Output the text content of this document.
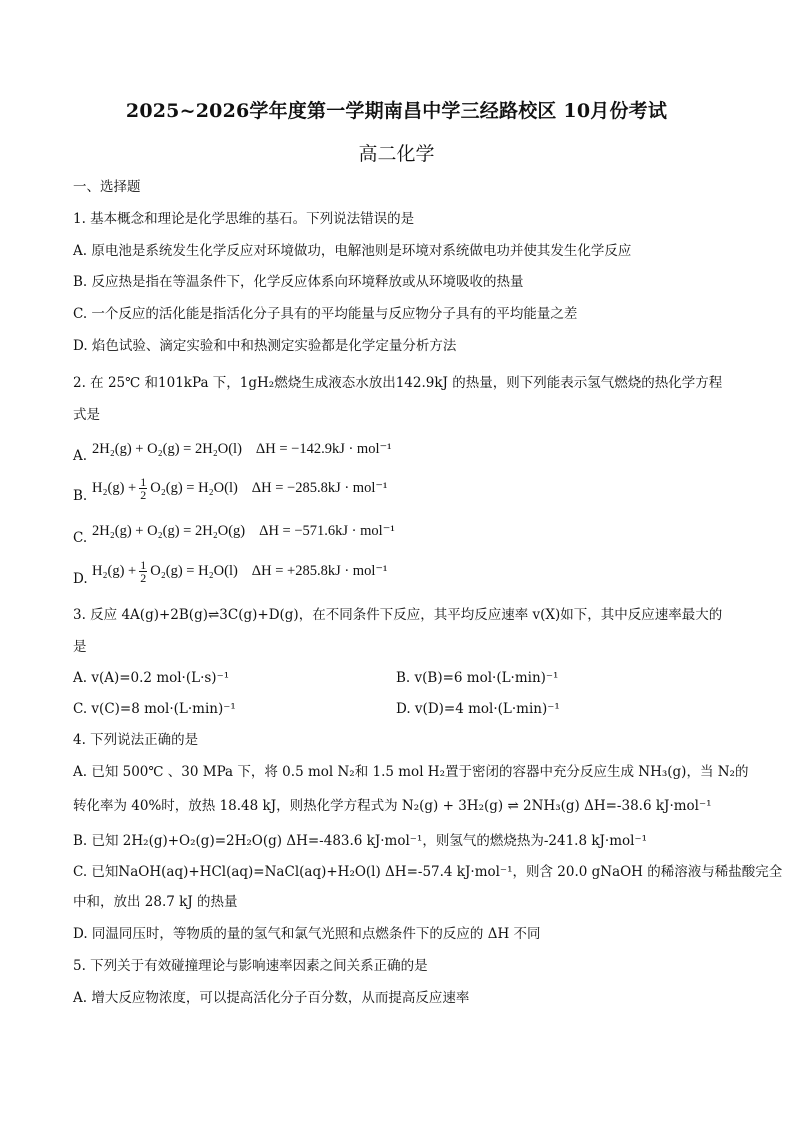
2025~2026学年度第一学期南昌中学三经路校区 10月份考试
高二化学
一、选择题
1. 基本概念和理论是化学思维的基石。下列说法错误的是
A. 原电池是系统发生化学反应对环境做功，电解池则是环境对系统做电功并使其发生化学反应
B. 反应热是指在等温条件下，化学反应体系向环境释放或从环境吸收的热量
C. 一个反应的活化能是指活化分子具有的平均能量与反应物分子具有的平均能量之差
D. 焰色试验、滴定实验和中和热测定实验都是化学定量分析方法
2. 在 25℃ 和101kPa 下，1gH₂燃烧生成液态水放出142.9kJ 的热量，则下列能表示氢气燃烧的热化学方程
式是
A. 2H₂(g) + O₂(g) = 2H₂O(l) ΔH = −142.9kJ · mol⁻¹
B. $H_2(g) + \frac{1}{2} O_2(g) = H_2O(l) \Delta H = -285.8kJ \cdot mol^{-1}$
C. 2H₂(g) + O₂(g) = 2H₂O(g) ΔH = −571.6kJ · mol⁻¹
D. $H_2(g) + \frac{1}{2} O_2(g) = H_2O(l) \Delta H = +285.8kJ \cdot mol^{-1}$
3. 反应 4A(g)+2B(g)⇌3C(g)+D(g)，在不同条件下反应，其平均反应速率 v(X)如下，其中反应速率最大的
是
A. v(A)=0.2 mol·(L·s)⁻¹	B. v(B)=6 mol·(L·min)⁻¹
C. v(C)=8 mol·(L·min)⁻¹	D. v(D)=4 mol·(L·min)⁻¹
4. 下列说法正确的是
A. 已知 500℃ 、30 MPa 下，将 0.5 mol N₂和 1.5 mol H₂置于密闭的容器中充分反应生成 NH₃(g)，当 N₂的
转化率为 40%时，放热 18.48 kJ，则热化学方程式为 N₂(g) + 3H₂(g) ⇌ 2NH₃(g) ΔH=-38.6 kJ·mol⁻¹
B. 已知 2H₂(g)+O₂(g)=2H₂O(g) ΔH=-483.6 kJ·mol⁻¹，则氢气的燃烧热为-241.8 kJ·mol⁻¹
C. 已知NaOH(aq)+HCl(aq)=NaCl(aq)+H₂O(l) ΔH=-57.4 kJ·mol⁻¹，则含 20.0 gNaOH 的稀溶液与稀盐酸完全
中和，放出 28.7 kJ 的热量
D. 同温同压时，等物质的量的氢气和氯气光照和点燃条件下的反应的 ΔH 不同
5. 下列关于有效碰撞理论与影响速率因素之间关系正确的是
A. 增大反应物浓度，可以提高活化分子百分数，从而提高反应速率
